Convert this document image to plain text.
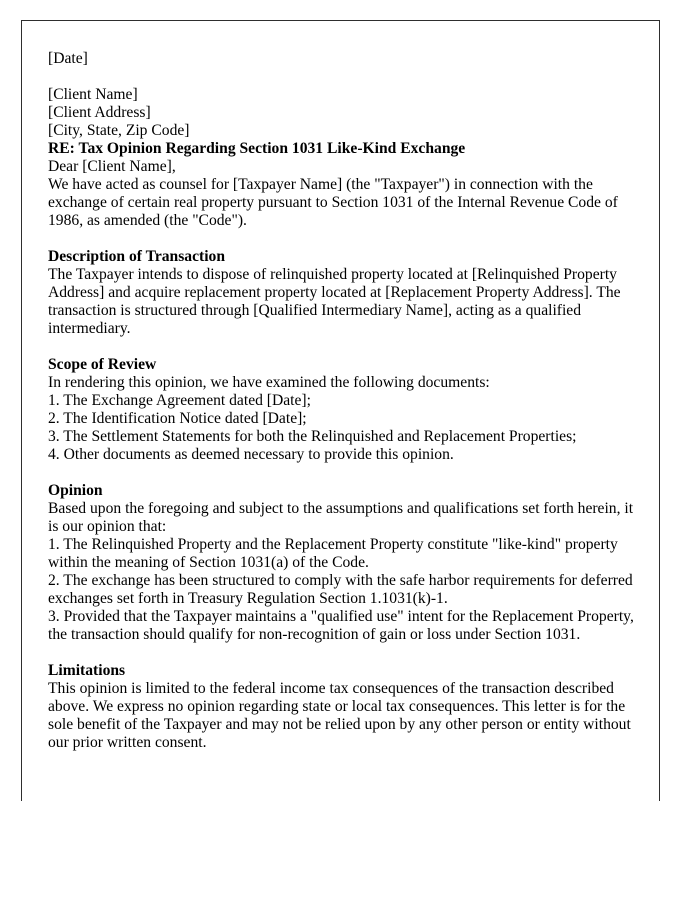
[Date]

[Client Name]

[Client Address]

[City, State, Zip Code]

RE: Tax Opinion Regarding Section 1031 Like-Kind Exchange

Dear [Client Name],

We have acted as counsel for [Taxpayer Name] (the "Taxpayer") in connection with the exchange of certain real property pursuant to Section 1031 of the Internal Revenue Code of 1986, as amended (the "Code").

Description of Transaction

The Taxpayer intends to dispose of relinquished property located at [Relinquished Property Address] and acquire replacement property located at [Replacement Property Address]. The transaction is structured through [Qualified Intermediary Name], acting as a qualified intermediary.

Scope of Review

In rendering this opinion, we have examined the following documents:

1. The Exchange Agreement dated [Date];

2. The Identification Notice dated [Date];

3. The Settlement Statements for both the Relinquished and Replacement Properties;

4. Other documents as deemed necessary to provide this opinion.

Opinion

Based upon the foregoing and subject to the assumptions and qualifications set forth herein, it is our opinion that:

1. The Relinquished Property and the Replacement Property constitute "like-kind" property within the meaning of Section 1031(a) of the Code.

2. The exchange has been structured to comply with the safe harbor requirements for deferred exchanges set forth in Treasury Regulation Section 1.1031(k)-1.

3. Provided that the Taxpayer maintains a "qualified use" intent for the Replacement Property, the transaction should qualify for non-recognition of gain or loss under Section 1031.

Limitations

This opinion is limited to the federal income tax consequences of the transaction described above. We express no opinion regarding state or local tax consequences. This letter is for the sole benefit of the Taxpayer and may not be relied upon by any other person or entity without our prior written consent.
